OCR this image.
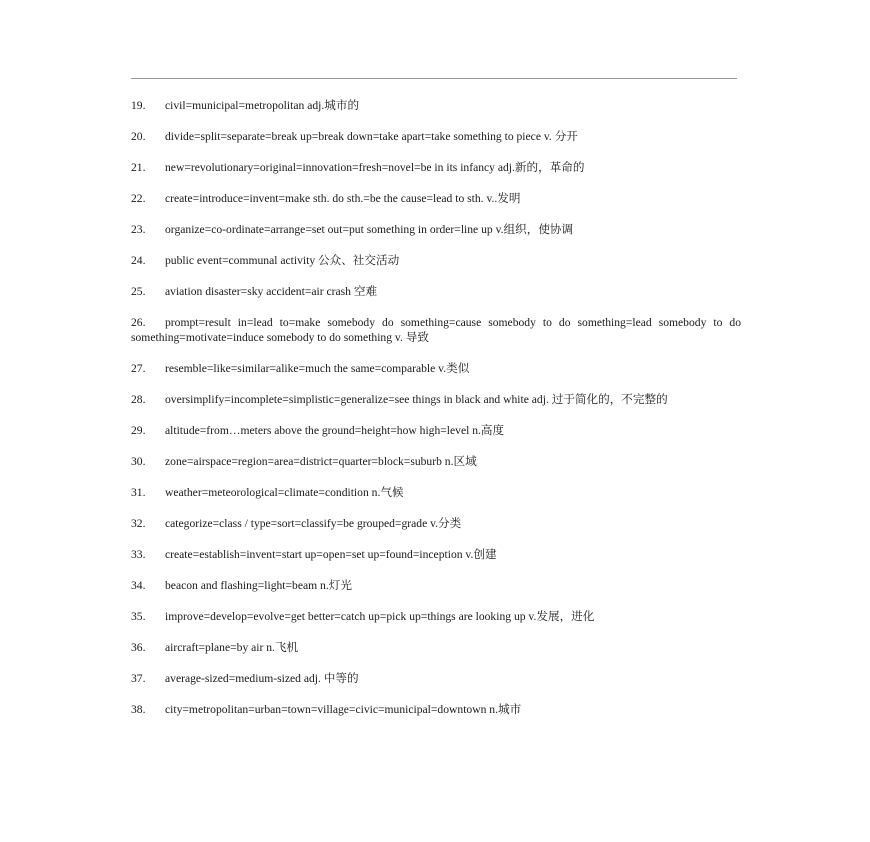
19. civil=municipal=metropolitan adj.城市的

20. divide=split=separate=break up=break down=take apart=take something to piece v. 分开

21. new=revolutionary=original=innovation=fresh=novel=be in its infancy adj.新的，革命的

22. create=introduce=invent=make sth. do sth.=be the cause=lead to sth. v..发明

23. organize=co-ordinate=arrange=set out=put something in order=line up v.组织，使协调

24. public event=communal activity 公众、社交活动

25. aviation disaster=sky accident=air crash 空难

26. prompt=result in=lead to=make somebody do something=cause somebody to do something=lead somebody to do something=motivate=induce somebody to do something v. 导致

27. resemble=like=similar=alike=much the same=comparable v.类似

28. oversimplify=incomplete=simplistic=generalize=see things in black and white adj. 过于简化的，不完整的

29. altitude=from…meters above the ground=height=how high=level n.高度

30. zone=airspace=region=area=district=quarter=block=suburb n.区域

31. weather=meteorological=climate=condition n.气候

32. categorize=class / type=sort=classify=be grouped=grade v.分类

33. create=establish=invent=start up=open=set up=found=inception v.创建

34. beacon and flashing=light=beam n.灯光

35. improve=develop=evolve=get better=catch up=pick up=things are looking up v.发展，进化

36. aircraft=plane=by air n.飞机

37. average-sized=medium-sized adj. 中等的

38. city=metropolitan=urban=town=village=civic=municipal=downtown n.城市
